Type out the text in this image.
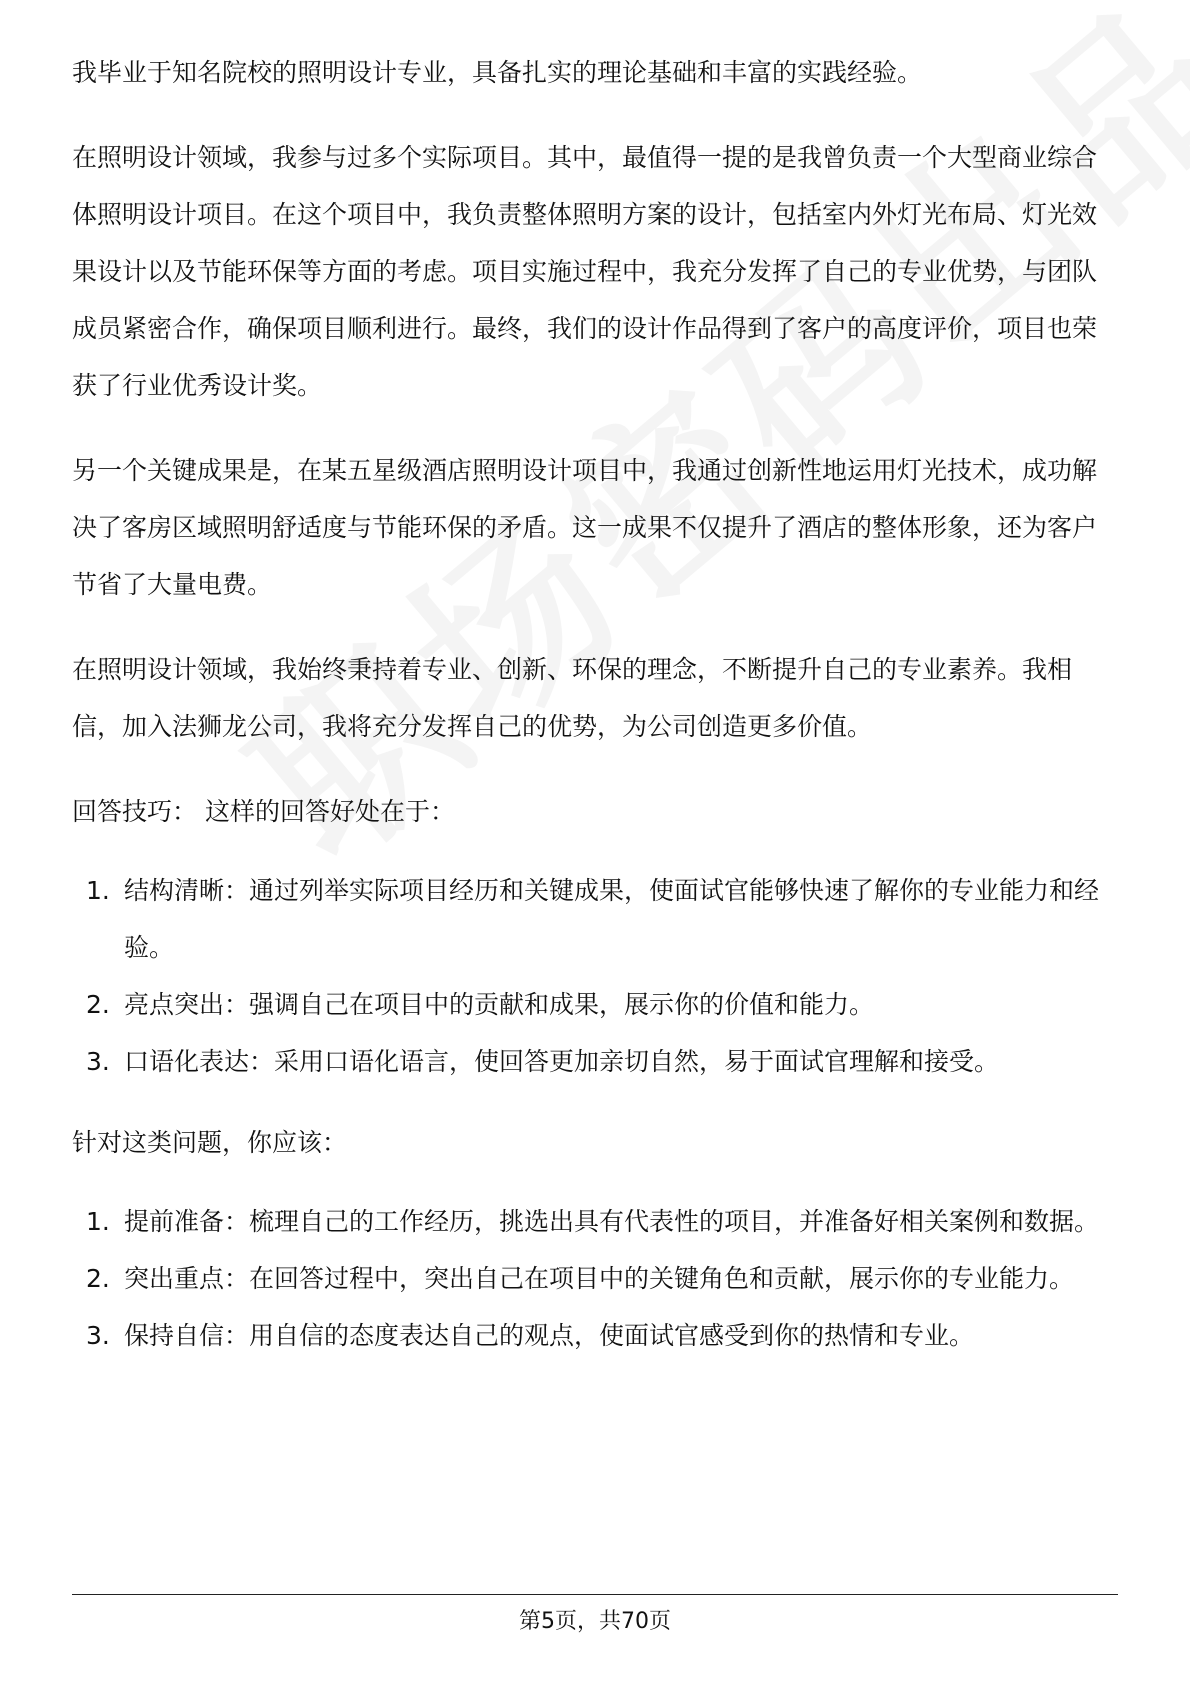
我毕业于知名院校的照明设计专业，具备扎实的理论基础和丰富的实践经验。

在照明设计领域，我参与过多个实际项目。其中，最值得一提的是我曾负责一个大型商业综合体照明设计项目。在这个项目中，我负责整体照明方案的设计，包括室内外灯光布局、灯光效果设计以及节能环保等方面的考虑。项目实施过程中，我充分发挥了自己的专业优势，与团队成员紧密合作，确保项目顺利进行。最终，我们的设计作品得到了客户的高度评价，项目也荣获了行业优秀设计奖。

另一个关键成果是，在某五星级酒店照明设计项目中，我通过创新性地运用灯光技术，成功解决了客房区域照明舒适度与节能环保的矛盾。这一成果不仅提升了酒店的整体形象，还为客户节省了大量电费。

在照明设计领域，我始终秉持着专业、创新、环保的理念，不断提升自己的专业素养。我相信，加入法狮龙公司，我将充分发挥自己的优势，为公司创造更多价值。

回答技巧： 这样的回答好处在于：

1. 结构清晰：通过列举实际项目经历和关键成果，使面试官能够快速了解你的专业能力和经验。
2. 亮点突出：强调自己在项目中的贡献和成果，展示你的价值和能力。
3. 口语化表达：采用口语化语言，使回答更加亲切自然，易于面试官理解和接受。

针对这类问题，你应该：

1. 提前准备：梳理自己的工作经历，挑选出具有代表性的项目，并准备好相关案例和数据。
2. 突出重点：在回答过程中，突出自己在项目中的关键角色和贡献，展示你的专业能力。
3. 保持自信：用自信的态度表达自己的观点，使面试官感受到你的热情和专业。
第5页，共70页
